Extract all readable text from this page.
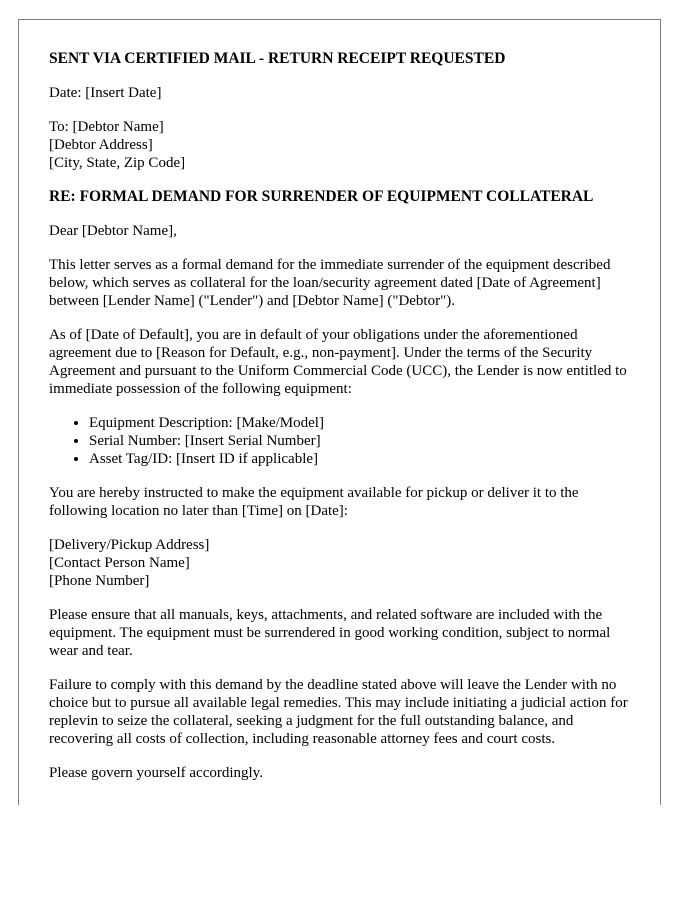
SENT VIA CERTIFIED MAIL - RETURN RECEIPT REQUESTED

Date: [Insert Date]

To: [Debtor Name]

[Debtor Address]

[City, State, Zip Code]

RE: FORMAL DEMAND FOR SURRENDER OF EQUIPMENT COLLATERAL

Dear [Debtor Name],

This letter serves as a formal demand for the immediate surrender of the equipment described below, which serves as collateral for the loan/security agreement dated [Date of Agreement] between [Lender Name] ("Lender") and [Debtor Name] ("Debtor").

As of [Date of Default], you are in default of your obligations under the aforementioned agreement due to [Reason for Default, e.g., non-payment]. Under the terms of the Security Agreement and pursuant to the Uniform Commercial Code (UCC), the Lender is now entitled to immediate possession of the following equipment:

• Equipment Description: [Make/Model]
• Serial Number: [Insert Serial Number]
• Asset Tag/ID: [Insert ID if applicable]

You are hereby instructed to make the equipment available for pickup or deliver it to the following location no later than [Time] on [Date]:

[Delivery/Pickup Address]

[Contact Person Name]

[Phone Number]

Please ensure that all manuals, keys, attachments, and related software are included with the equipment. The equipment must be surrendered in good working condition, subject to normal wear and tear.

Failure to comply with this demand by the deadline stated above will leave the Lender with no choice but to pursue all available legal remedies. This may include initiating a judicial action for replevin to seize the collateral, seeking a judgment for the full outstanding balance, and recovering all costs of collection, including reasonable attorney fees and court costs.

Please govern yourself accordingly.
